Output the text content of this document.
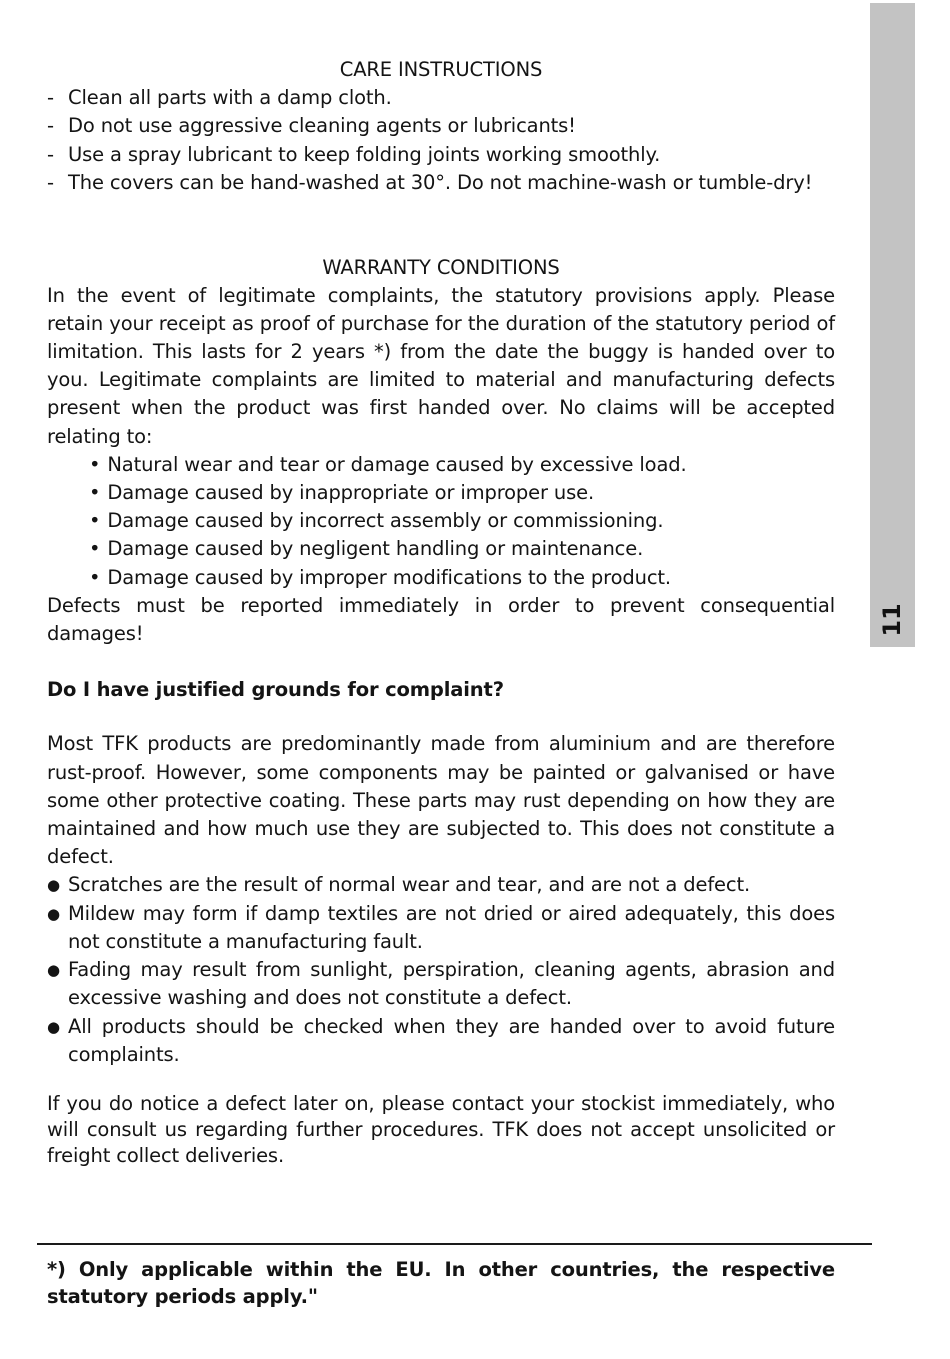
11
CARE INSTRUCTIONS
- Clean all parts with a damp cloth.
- Do not use aggressive cleaning agents or lubricants!
- Use a spray lubricant to keep folding joints working smoothly.
- The covers can be hand-washed at 30°. Do not machine-wash or tumble-dry!
WARRANTY CONDITIONS

In the event of legitimate complaints, the statutory provisions apply. Please retain your receipt as proof of purchase for the duration of the statutory period of limitation. This lasts for 2 years *) from the date the buggy is handed over to you. Legitimate complaints are limited to material and manufacturing defects present when the product was first handed over. No claims will be accepted relating to:

• Natural wear and tear or damage caused by excessive load.
• Damage caused by inappropriate or improper use.
• Damage caused by incorrect assembly or commissioning.
• Damage caused by negligent handling or maintenance.
• Damage caused by improper modifications to the product.

Defects must be reported immediately in order to prevent consequential damages!

Do I have justified grounds for complaint?

Most TFK products are predominantly made from aluminium and are therefore rust-proof. However, some components may be painted or galvanised or have some other protective coating. These parts may rust depending on how they are maintained and how much use they are subjected to. This does not constitute a defect.

● Scratches are the result of normal wear and tear, and are not a defect.
● Mildew may form if damp textiles are not dried or aired adequately, this does not constitute a manufacturing fault.
● Fading may result from sunlight, perspiration, cleaning agents, abrasion and excessive washing and does not constitute a defect.
● All products should be checked when they are handed over to avoid future complaints.

If you do notice a defect later on, please contact your stockist immediately, who will consult us regarding further procedures. TFK does not accept unsolicited or freight collect deliveries.

*) Only applicable within the EU. In other countries, the respective statutory periods apply."
